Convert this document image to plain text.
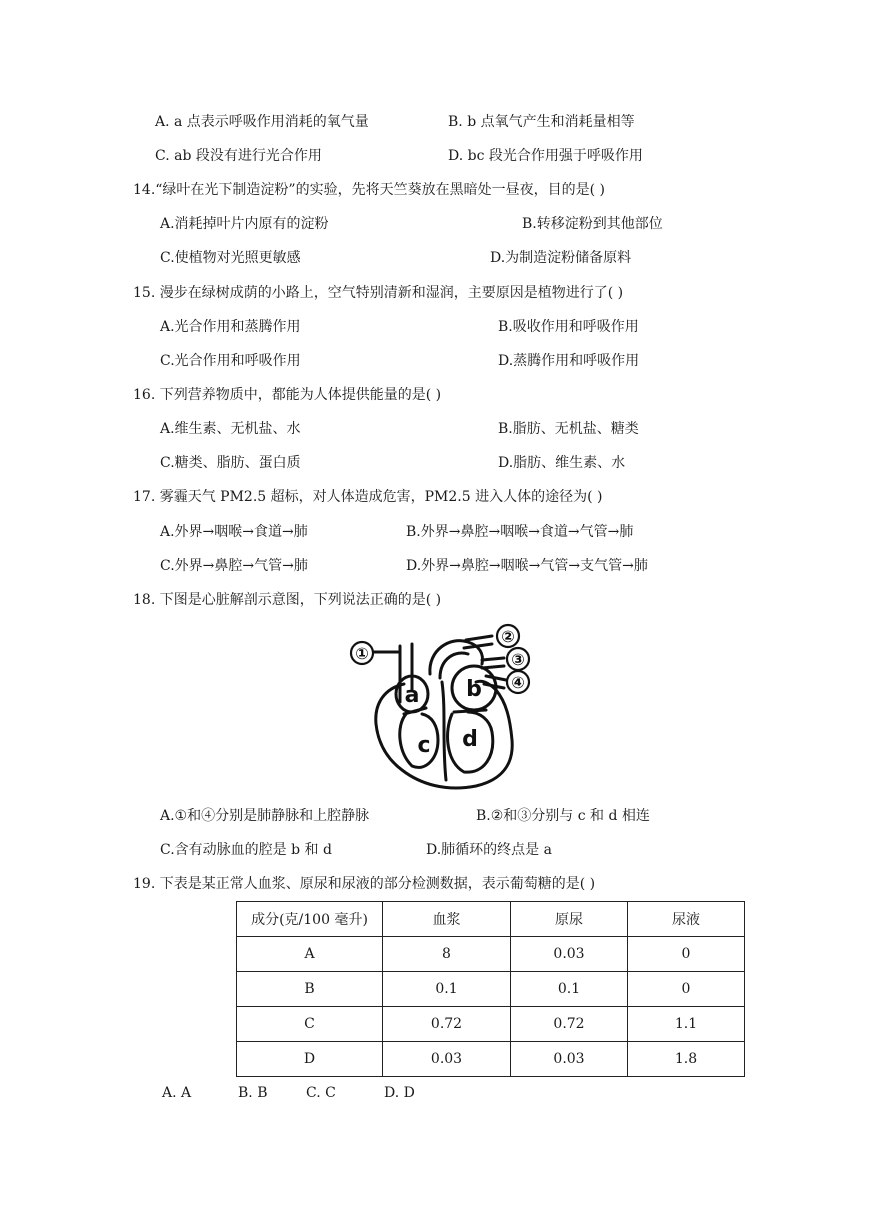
A. a 点表示呼吸作用消耗的氧气量	B. b 点氧气产生和消耗量相等
C. ab 段没有进行光合作用	D. bc 段光合作用强于呼吸作用
14.“绿叶在光下制造淀粉”的实验，先将天竺葵放在黑暗处一昼夜，目的是( )
A.消耗掉叶片内原有的淀粉	B.转移淀粉到其他部位
C.使植物对光照更敏感	D.为制造淀粉储备原料
15. 漫步在绿树成荫的小路上，空气特别清新和湿润，主要原因是植物进行了( )
A.光合作用和蒸腾作用	B.吸收作用和呼吸作用
C.光合作用和呼吸作用	D.蒸腾作用和呼吸作用
16. 下列营养物质中，都能为人体提供能量的是( )
A.维生素、无机盐、水	B.脂肪、无机盐、糖类
C.糖类、脂肪、蛋白质	D.脂肪、维生素、水
17. 雾霾天气 PM2.5 超标，对人体造成危害，PM2.5 进入人体的途径为( )
A.外界→咽喉→食道→肺	B.外界→鼻腔→咽喉→食道→气管→肺
C.外界→鼻腔→气管→肺	D.外界→鼻腔→咽喉→气管→支气管→肺
18. 下图是心脏解剖示意图，下列说法正确的是( )
①
②
③
④
a b
c d
A.①和④分别是肺静脉和上腔静脉	B.②和③分别与 c 和 d 相连
C.含有动脉血的腔是 b 和 d	D.肺循环的终点是 a
19. 下表是某正常人血浆、原尿和尿液的部分检测数据，表示葡萄糖的是( )
成分(克/100 毫升)	血浆	原尿	尿液
A	8	0.03	0
B	0.1	0.1	0
C	0.72	0.72	1.1
D	0.03	0.03	1.8
A. A	B. B	C. C	D. D
